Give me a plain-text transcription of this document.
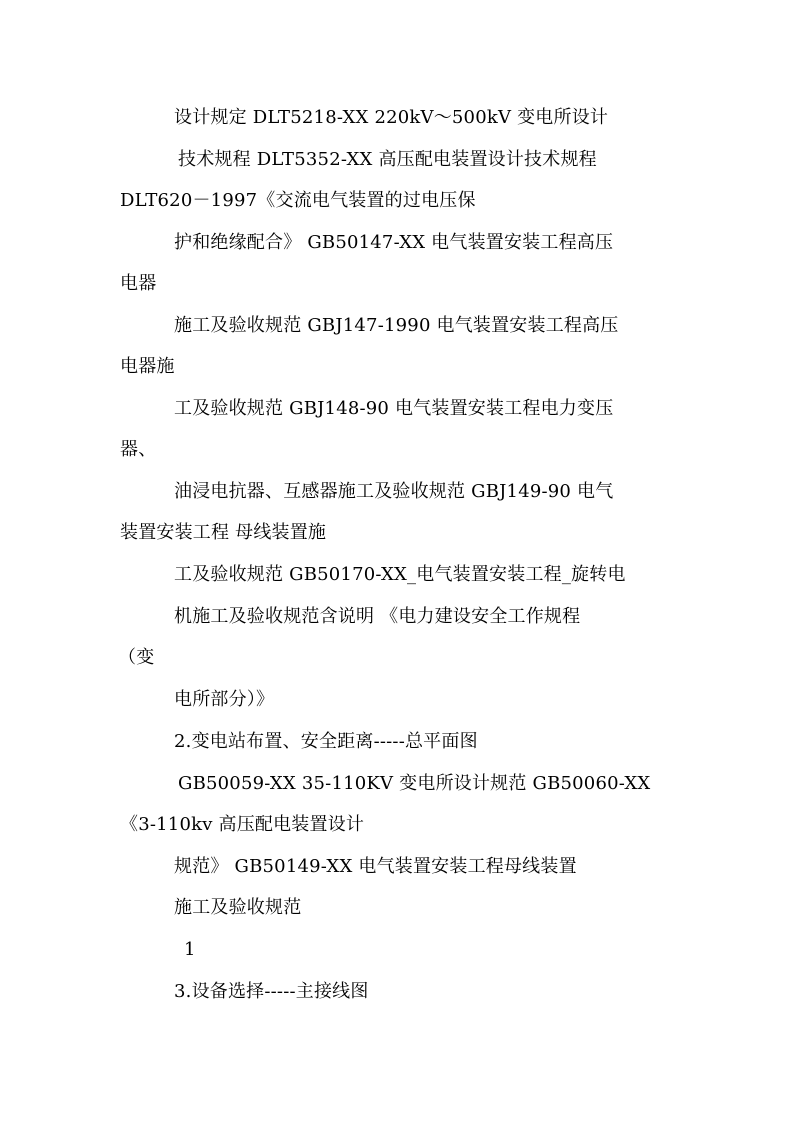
设计规定 DLT5218-XX 220kV～500kV 变电所设计
技术规程 DLT5352-XX 高压配电装置设计技术规程
DLT620－1997《交流电气装置的过电压保
护和绝缘配合》 GB50147-XX 电气装置安装工程高压
电器
施工及验收规范 GBJ147-1990 电气装置安装工程高压
电器施
工及验收规范 GBJ148-90 电气装置安装工程电力变压
器、
油浸电抗器、互感器施工及验收规范 GBJ149-90 电气
装置安装工程 母线装置施
工及验收规范 GB50170-XX_电气装置安装工程_旋转电
机施工及验收规范含说明 《电力建设安全工作规程
（变
电所部分）》
2.变电站布置、安全距离-----总平面图
GB50059-XX 35-110KV 变电所设计规范 GB50060-XX
《3-110kv 高压配电装置设计
规范》 GB50149-XX 电气装置安装工程母线装置
施工及验收规范
1
3.设备选择-----主接线图
